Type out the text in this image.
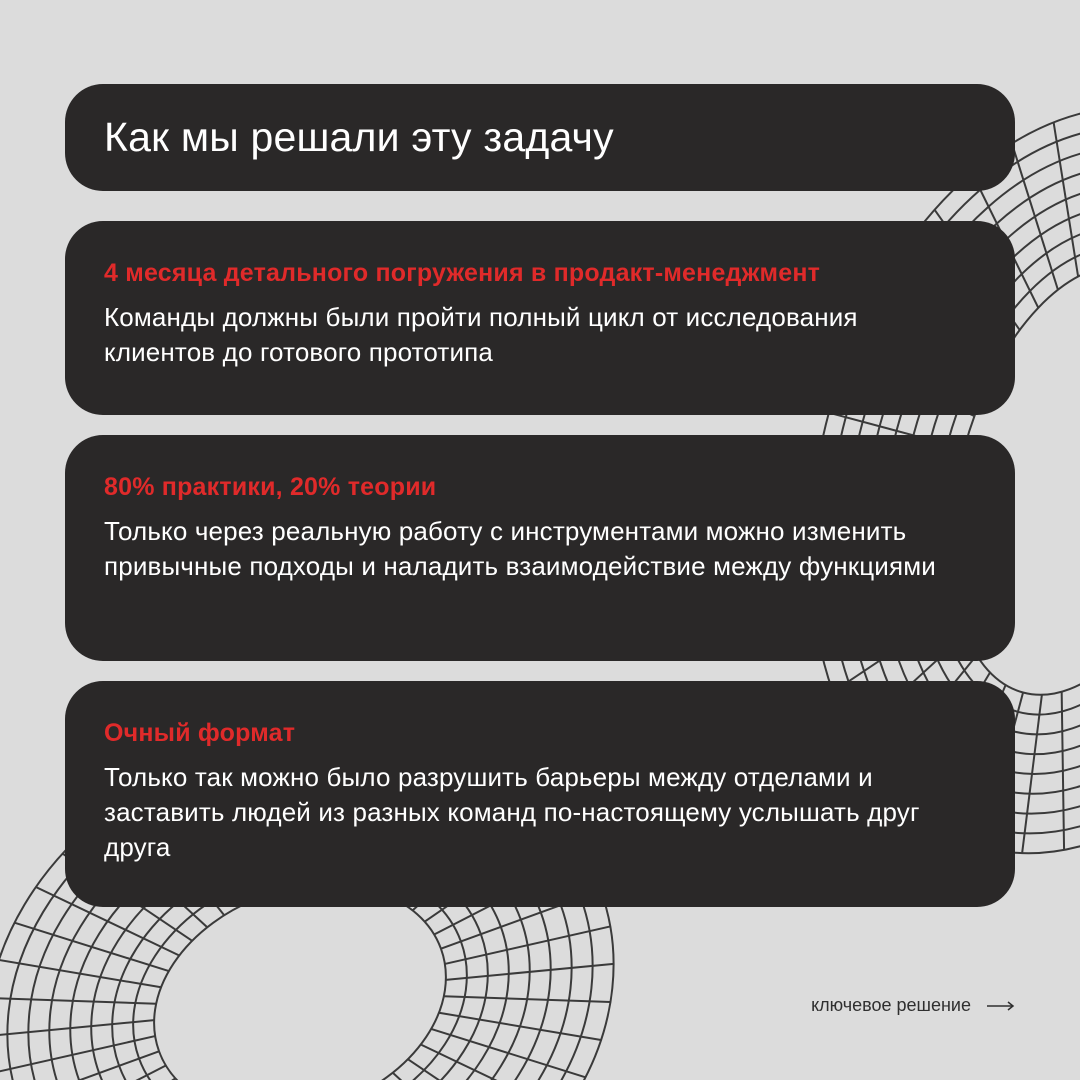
Как мы решали эту задачу

4 месяца детального погружения в продакт-менеджмент

Команды должны были пройти полный цикл от исследования клиентов до готового прототипа

80% практики, 20% теории

Только через реальную работу с инструментами можно изменить привычные подходы и наладить взаимодействие между функциями

Очный формат

Только так можно было разрушить барьеры между отделами и заставить людей из разных команд по-настоящему услышать друг друга

ключевое решение
